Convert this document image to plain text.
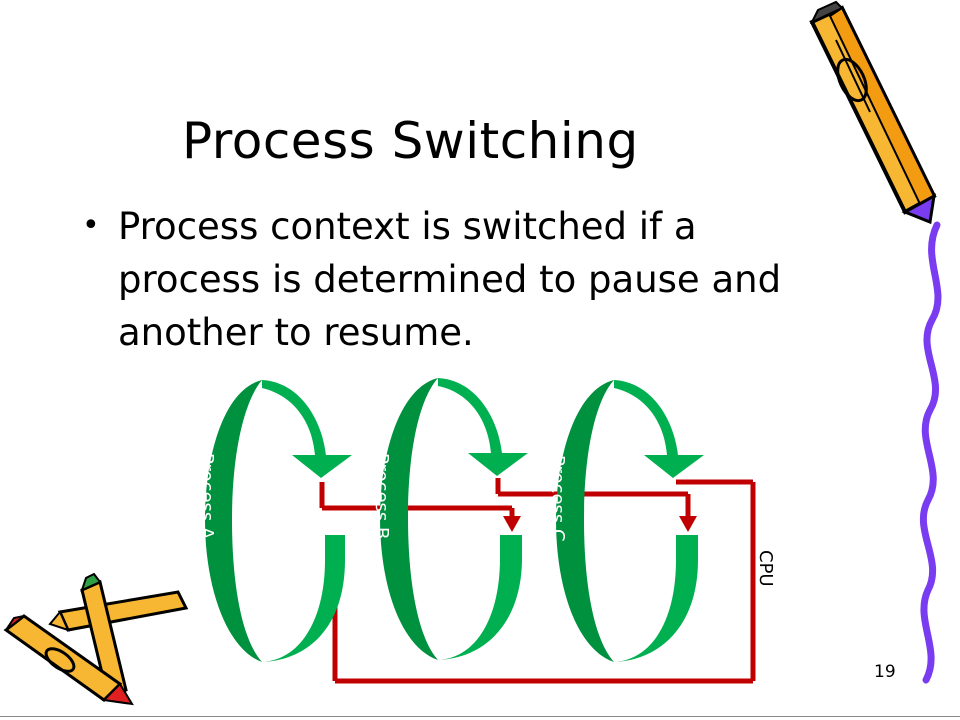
Process A	Process B	Process C
CPU
Process Switching
• Process context is switched if a process is determined to pause and another to resume.
19
